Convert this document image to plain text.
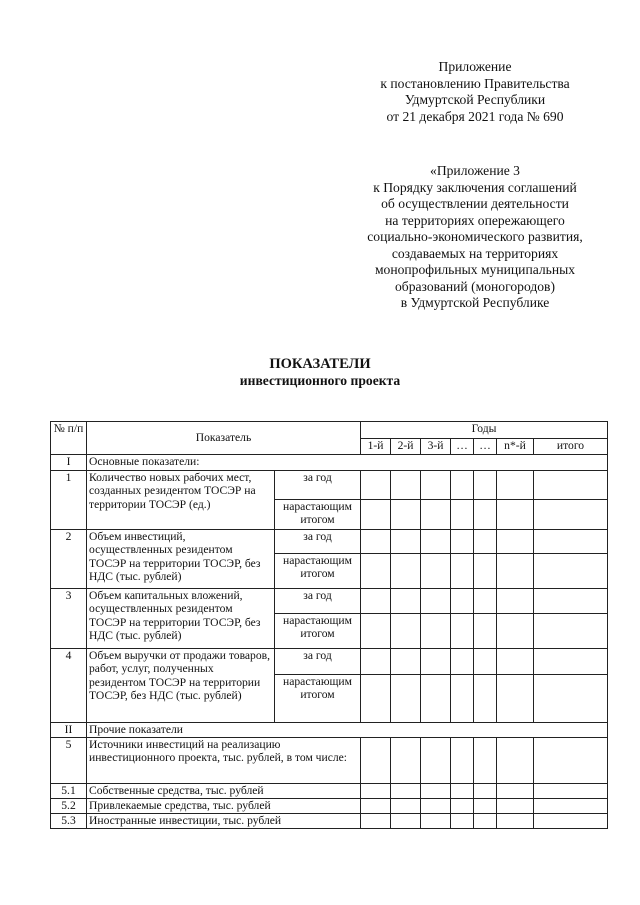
Приложение
к постановлению Правительства
Удмуртской Республики
от 21 декабря 2021 года № 690
«Приложение 3
к Порядку заключения соглашений
об осуществлении деятельности
на территориях опережающего
социально-экономического развития,
создаваемых на территориях
монопрофильных муниципальных
образований (моногородов)
в Удмуртской Республике
ПОКАЗАТЕЛИ
инвестиционного проекта
№ п/п	Показатель		Годы						
			1-й	2-й	3-й	…	…	n*-й	итого
I	Основные показатели:								
1	Количество новых рабочих мест, созданных резидентом ТОСЭР на территории ТОСЭР (ед.)	за год							
		нарастающим итогом							
2	Объем инвестиций, осуществленных резидентом ТОСЭР на территории ТОСЭР, без НДС (тыс. рублей)	за год							
		нарастающим итогом							
3	Объем капитальных вложений, осуществленных резидентом ТОСЭР на территории ТОСЭР, без НДС (тыс. рублей)	за год							
		нарастающим итогом							
4	Объем выручки от продажи товаров, работ, услуг, полученных резидентом ТОСЭР на территории ТОСЭР, без НДС (тыс. рублей)	за год							
		нарастающим итогом							
II	Прочие показатели								
5	Источники инвестиций на реализацию инвестиционного проекта, тыс. рублей, в том числе:								
5.1	Собственные средства, тыс. рублей								
5.2	Привлекаемые средства, тыс. рублей								
5.3	Иностранные инвестиции, тыс. рублей								
